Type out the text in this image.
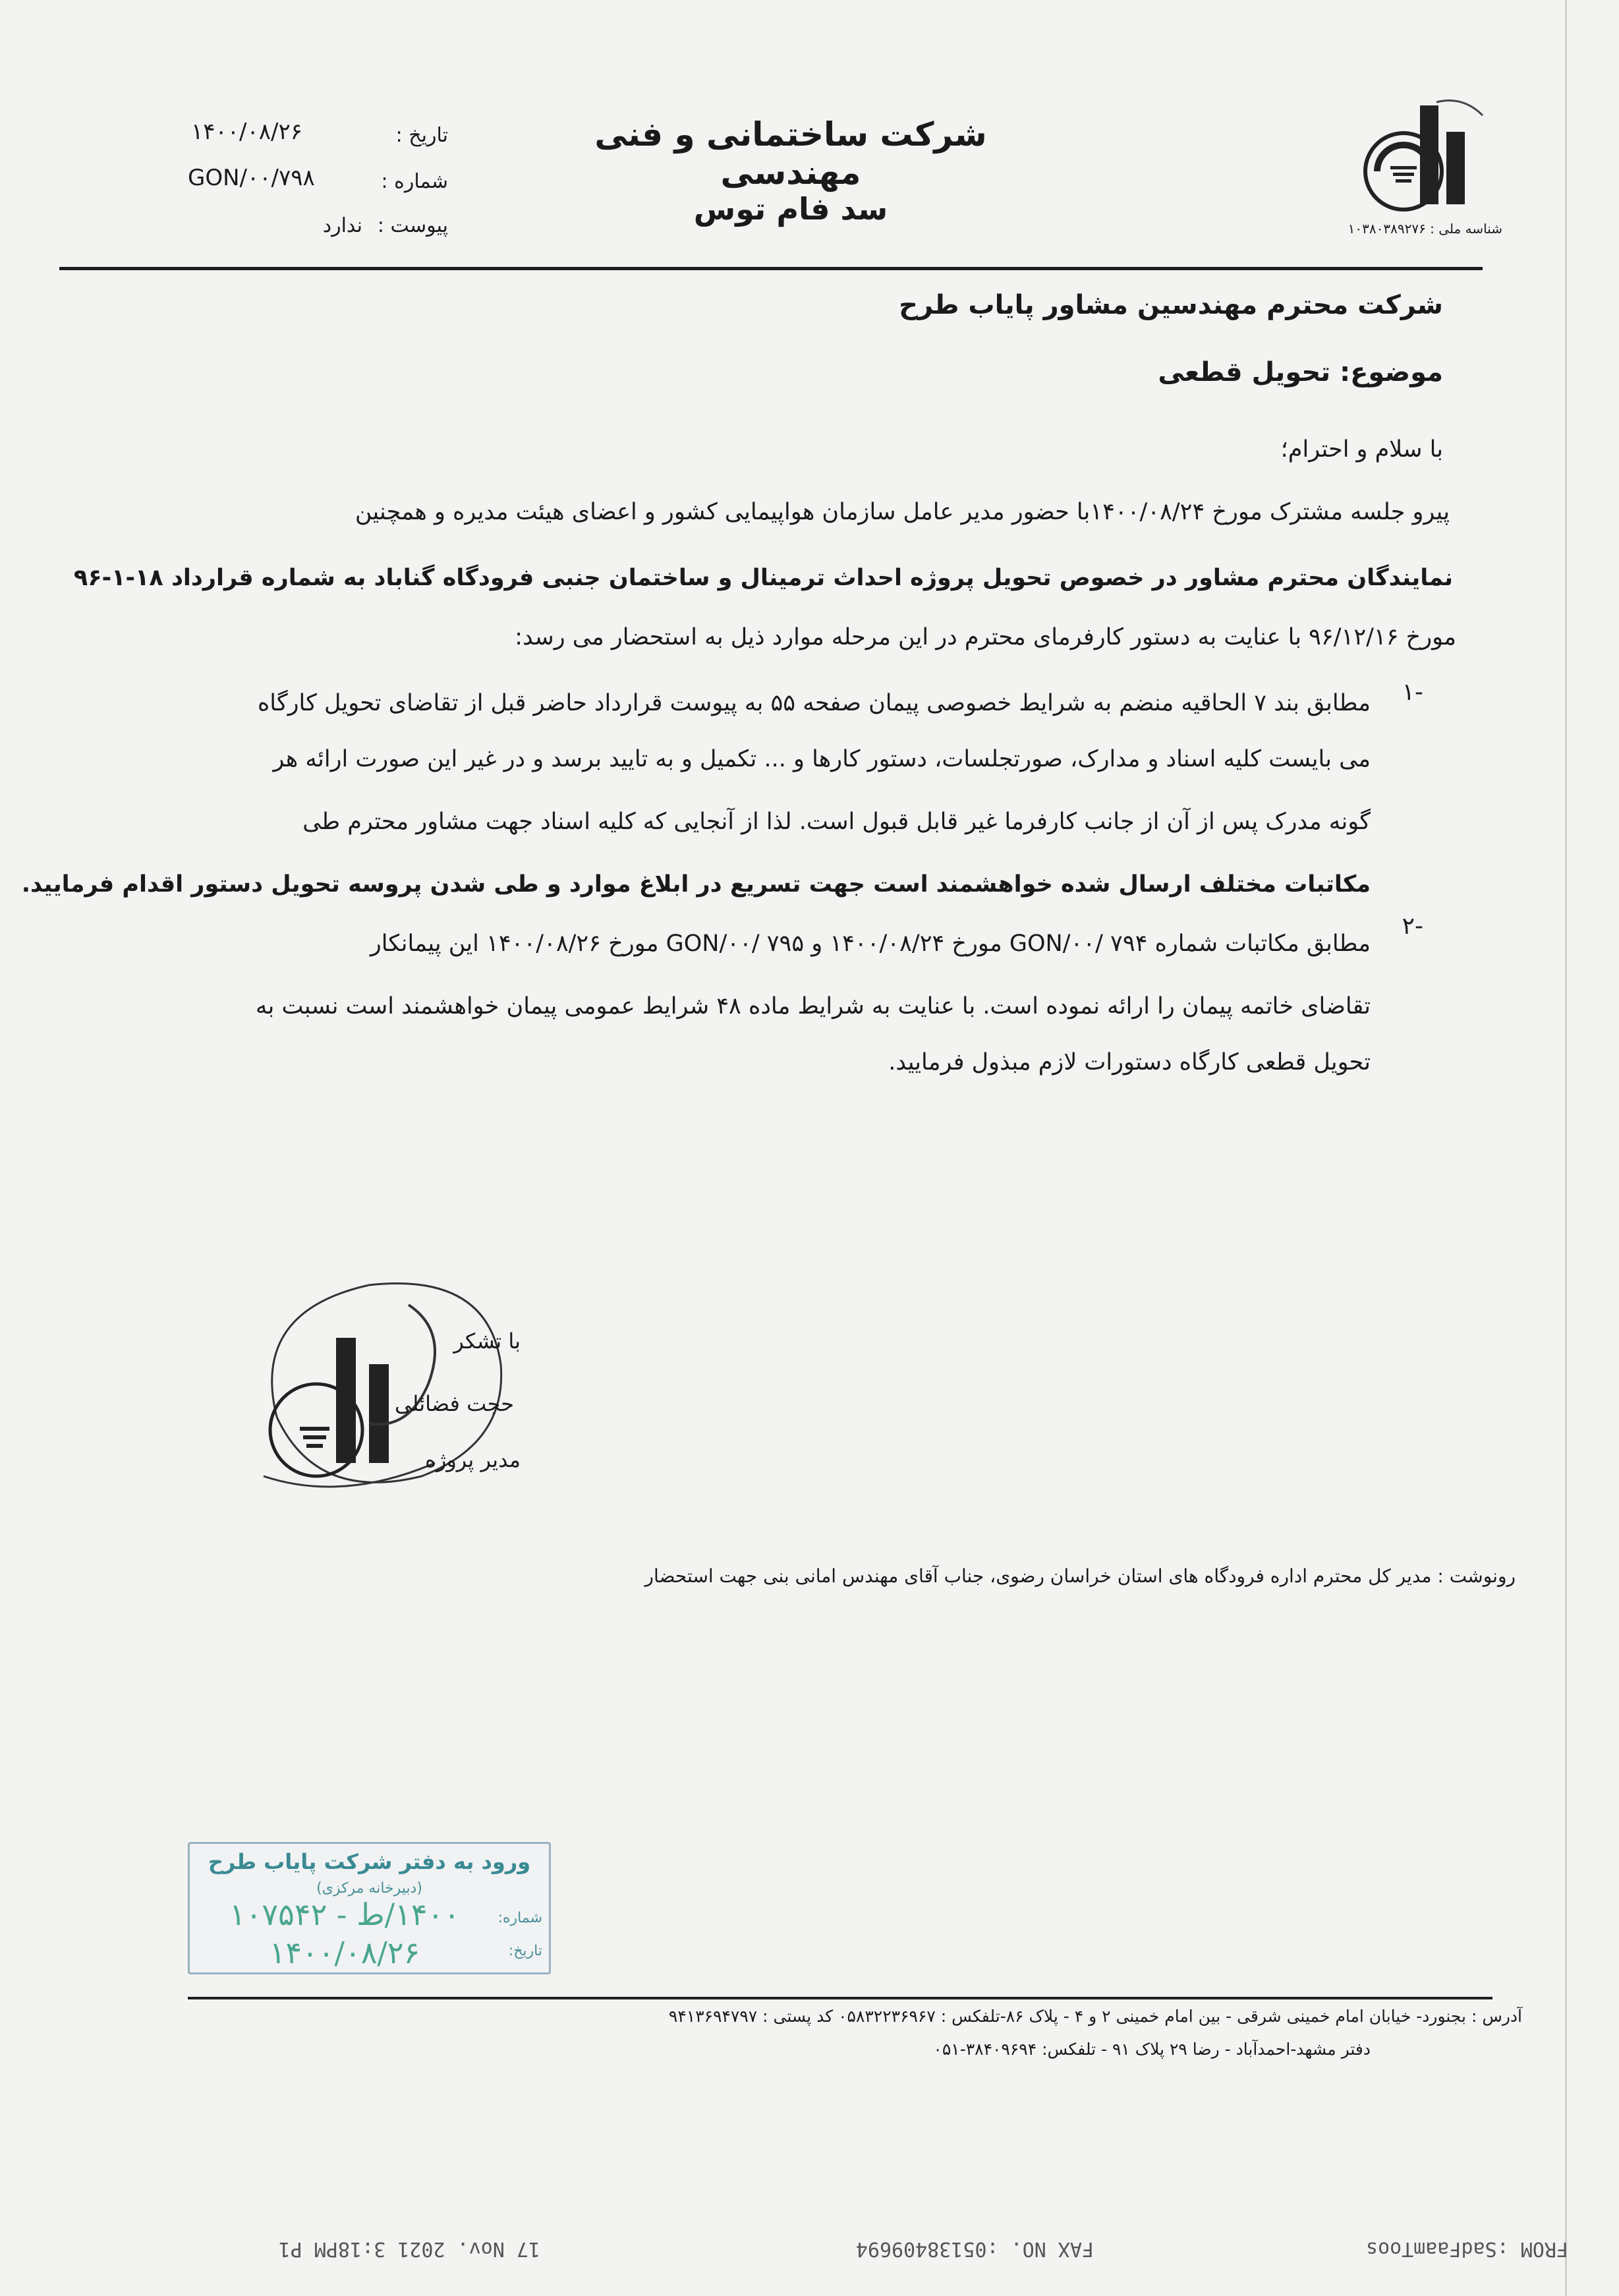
شناسه ملی : ۱۰۳۸۰۳۸۹۲۷۶
شرکت ساختمانی و فنی مهندسی
سد فام توس
تاریخ :
۱۴۰۰/۰۸/۲۶
شماره :
GON/۰۰/۷۹۸
پیوست :
ندارد
شرکت محترم مهندسین مشاور پایاب طرح
موضوع: تحویل قطعی
با سلام و احترام؛
پیرو جلسه مشترک مورخ ۱۴۰۰/۰۸/۲۴با حضور مدیر عامل سازمان هواپیمایی کشور و اعضای هیئت مدیره و همچنین
نمایندگان محترم مشاور در خصوص تحویل پروژه احداث ترمینال و ساختمان جنبی فرودگاه گناباد به شماره قرارداد ۱۸-۱-۹۶
مورخ ۹۶/۱۲/۱۶ با عنایت به دستور کارفرمای محترم در این مرحله موارد ذیل به استحضار می رسد:
۱-
مطابق بند ۷ الحاقیه منضم به شرایط خصوصی پیمان صفحه ۵۵ به پیوست قرارداد حاضر قبل از تقاضای تحویل کارگاه
می بایست کلیه اسناد و مدارک، صورتجلسات، دستور کارها و ... تکمیل و به تایید برسد و در غیر این صورت ارائه هر
گونه مدرک پس از آن از جانب کارفرما غیر قابل قبول است. لذا از آنجایی که کلیه اسناد جهت مشاور محترم طی
مکاتبات مختلف ارسال شده خواهشمند است جهت تسریع در ابلاغ موارد و طی شدن پروسه تحویل دستور اقدام فرمایید.
۲-
مطابق مکاتبات شماره GON/۰۰/ ۷۹۴ مورخ ۱۴۰۰/۰۸/۲۴ و GON/۰۰/ ۷۹۵ مورخ ۱۴۰۰/۰۸/۲۶ این پیمانکار
تقاضای خاتمه پیمان را ارائه نموده است. با عنایت به شرایط ماده ۴۸ شرایط عمومی پیمان خواهشمند است نسبت به
تحویل قطعی کارگاه دستورات لازم مبذول فرمایید.
با تشکر
حجت فضائلی
مدیر پروژه
رونوشت : مدیر کل محترم اداره فرودگاه های استان خراسان رضوی، جناب آقای مهندس امانی بنی جهت استحضار
ورود به دفتر شرکت پایاب طرح
(دبیرخانه مرکزی)
شماره:
۱۴۰۰/ط - ۱۰۷۵۴۲
تاریخ:
۱۴۰۰/۰۸/۲۶
آدرس : بجنورد- خیابان امام خمینی شرقی - بین امام خمینی ۲ و ۴ - پلاک ۸۶-تلفکس : ۰۵۸۳۲۲۳۶۹۶۷ کد پستی : ۹۴۱۳۶۹۴۷۹۷
دفتر مشهد-احمدآباد - رضا ۲۹ پلاک ۹۱ - تلفکس: ۳۸۴۰۹۶۹۴-۰۵۱
FROM :SadFaamToos
FAX NO. :05138409694
17 Nov. 2021 3:18PM P1
